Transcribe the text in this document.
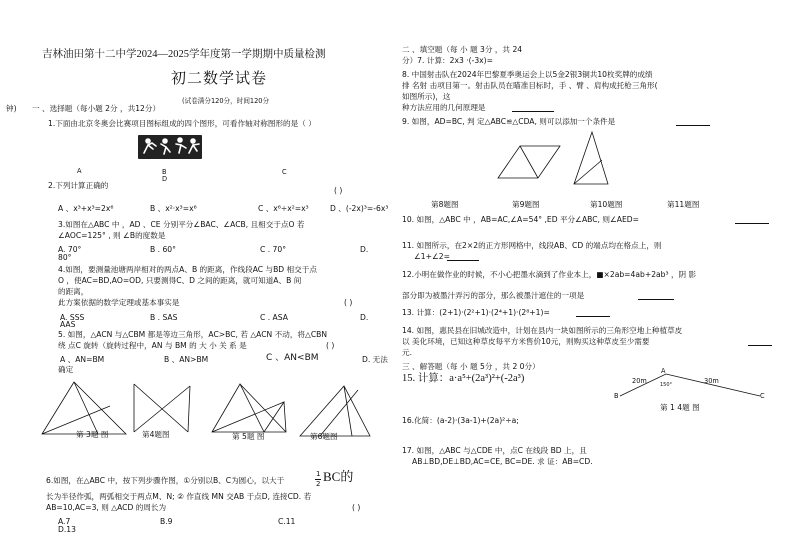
吉林油田第十二中学2024—2025学年度第一学期期中质量检测
初二数学试卷
(试卷满分120分，时间120分
钟) 一 、选择题（每小题 2分 ，共12分）
1.下面由北京冬奥会比赛项目图标组成的四个图形，可看作轴对称图形的是（ ）
A	B	C
D
2.下列计算正确的
( )
A 、x³+x³=2x⁶	B 、x²·x³=x⁶	C 、x⁶÷x²=x³	D 、(-2x)³=-6x³
3.如图在△ABC 中 ，AD 、CE 分别平分∠BAC、∠ACB, 且相交于点O 若
∠AOC=125° , 则 ∠B的度数是
A. 70°	B . 60°	C . 70°	D.
80°
4.如图，要测量池塘两岸相对的两点A、B 的距离，作线段AC 与BD 相交于点
O ，使AC=BD,AO=OD, 只要测得C、D 之间的距离，就可知道A、B 间
的距离，
此方案依据的数学定理或基本事实是	( )
A. SSS	B . SAS	C . ASA	D.
AAS
5. 如图，△ACN 与△CBM 都是等边三角形，AC>BC, 若 △ACN 不动，将△CBN
绕 点C 旋转（旋转过程中，AN 与 BM 的 大 小 关 系 是	( )
A 、AN=BM	B 、AN>BM	C 、AN<BM	D. 无法
确定
第 3题 图	第4题图	第 5题 图	第6题图
6.如图，在△ABC 中，按下列步骤作图，①分别以B、C为圆心，以大于
1
2 BC的
长为半径作弧，两弧相交于两点M、N; ② 作直线 MN 交AB 于点D, 连接CD. 若
AB=10,AC=3, 则 △ACD 的周长为	( )
A.7	B.9	C.11
D.13
二 、填空题（每 小 题 3分 ，共 24
分）7. 计算：2x3 ·(-3x)=
8. 中国射击队在2024年巴黎夏季奥运会上以5金2银3铜共10枚奖牌的成绩
排 名射 击项目第一。射击队员在瞄准目标时，手 、臂 、肩构成托枪三角形(
如图所示)，这
种方法应用的几何原理是
9. 如图，AD=BC, 判 定△ABC≌△CDA, 则可以添加一个条件是
第8题图	第9题图	第10题图	第11题图
10. 如图，△ABC 中 ，AB=AC,∠A=54° ,ED 平分∠ABC, 则∠AED=
11. 如图所示，在2×2的正方形网格中，线段AB、CD 的端点均在格点上，则
∠1+∠2=
12.小明在做作业的时候，不小心把墨水滴到了作业本上，■×2ab=4ab+2ab³ ，阴 影
部分即为被墨汁弄污的部分，那么被墨汁遮住的一项是
13. 计算：(2+1)·(2²+1)·(2⁴+1)·(2⁸+1)=
14. 如图，惠民县在旧城改造中，计划在县内一块如图所示的三角形空地上种植草皮
以 美化环境，已知这种草皮每平方米售价10元，则购买这种草皮至少需要
元.
三 、解答题（每 小 题 5分 ，共 2 0分）
15. 计算：a·a⁵+(2a³)²+(-2a³)
A
20m	30m
150°
B	C
第 1 4题 图
16.化简：(a-2)·(3a-1)+(2a)²÷a;
17. 如图，△ABC 与△CDE 中，点C 在线段 BD 上，且
AB⊥BD,DE⊥BD,AC=CE, BC=DE. 求 证：AB=CD.
